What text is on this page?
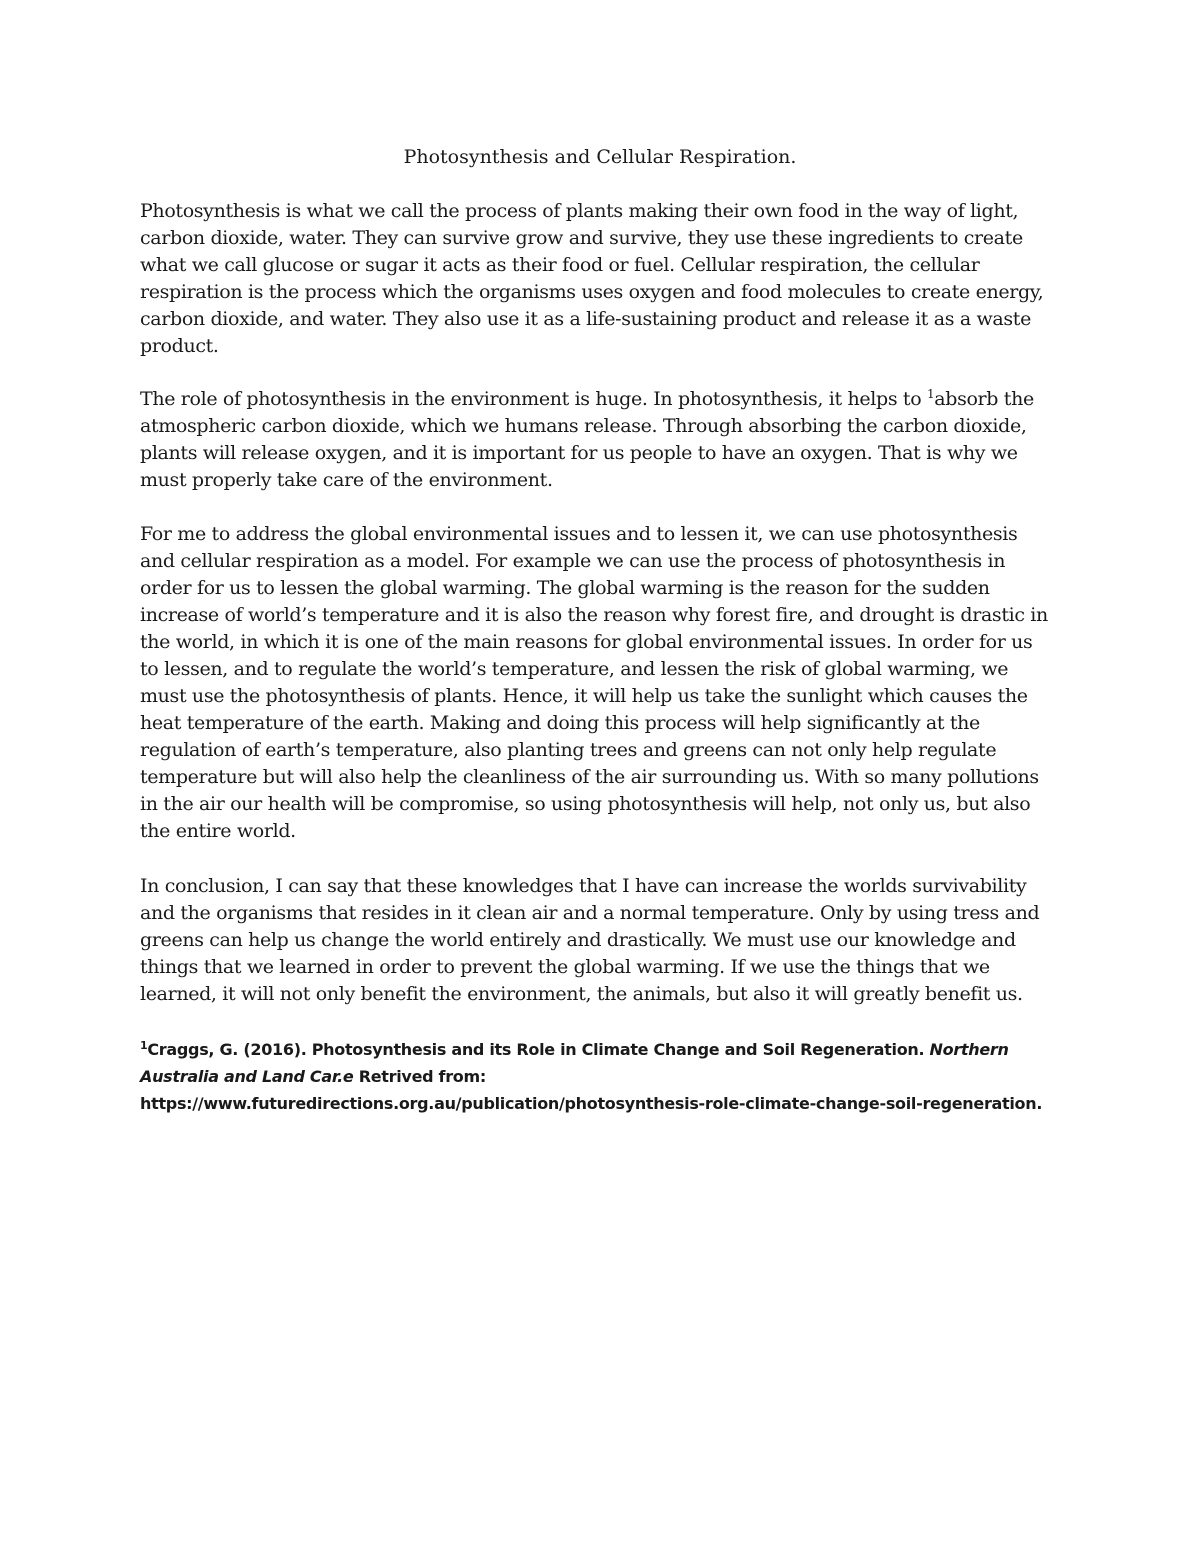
Photosynthesis and Cellular Respiration.

Photosynthesis is what we call the process of plants making their own food in the way of light,
carbon dioxide, water. They can survive grow and survive, they use these ingredients to create
what we call glucose or sugar it acts as their food or fuel. Cellular respiration, the cellular
respiration is the process which the organisms uses oxygen and food molecules to create energy,
carbon dioxide, and water. They also use it as a life-sustaining product and release it as a waste
product.

The role of photosynthesis in the environment is huge. In photosynthesis, it helps to $^1$absorb the
atmospheric carbon dioxide, which we humans release. Through absorbing the carbon dioxide,
plants will release oxygen, and it is important for us people to have an oxygen. That is why we
must properly take care of the environment.

For me to address the global environmental issues and to lessen it, we can use photosynthesis
and cellular respiration as a model. For example we can use the process of photosynthesis in
order for us to lessen the global warming. The global warming is the reason for the sudden
increase of world’s temperature and it is also the reason why forest fire, and drought is drastic in
the world, in which it is one of the main reasons for global environmental issues. In order for us
to lessen, and to regulate the world’s temperature, and lessen the risk of global warming, we
must use the photosynthesis of plants. Hence, it will help us take the sunlight which causes the
heat temperature of the earth. Making and doing this process will help significantly at the
regulation of earth’s temperature, also planting trees and greens can not only help regulate
temperature but will also help the cleanliness of the air surrounding us. With so many pollutions
in the air our health will be compromise, so using photosynthesis will help, not only us, but also
the entire world.

In conclusion, I can say that these knowledges that I have can increase the worlds survivability
and the organisms that resides in it clean air and a normal temperature. Only by using tress and
greens can help us change the world entirely and drastically. We must use our knowledge and
things that we learned in order to prevent the global warming. If we use the things that we
learned, it will not only benefit the environment, the animals, but also it will greatly benefit us.

$^1$Craggs, G. (2016). Photosynthesis and its Role in Climate Change and Soil Regeneration. Northern
Australia and Land Car.e Retrived from:
https://www.futuredirections.org.au/publication/photosynthesis-role-climate-change-soil-regeneration.
